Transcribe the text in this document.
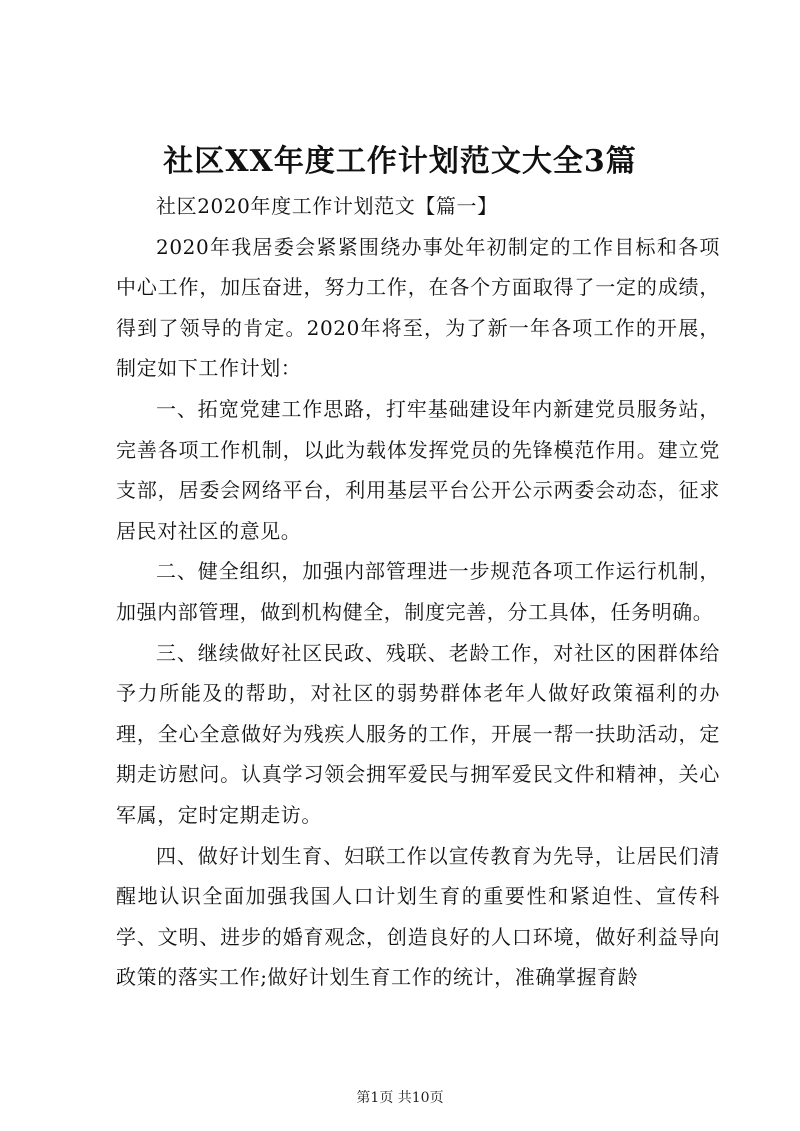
社区XX年度工作计划范文大全3篇

社区2020年度工作计划范文【篇一】

2020年我居委会紧紧围绕办事处年初制定的工作目标和各项中心工作，加压奋进，努力工作，在各个方面取得了一定的成绩，得到了领导的肯定。2020年将至，为了新一年各项工作的开展，制定如下工作计划：

一、拓宽党建工作思路，打牢基础建设年内新建党员服务站，完善各项工作机制，以此为载体发挥党员的先锋模范作用。建立党支部，居委会网络平台，利用基层平台公开公示两委会动态，征求居民对社区的意见。

二、健全组织，加强内部管理进一步规范各项工作运行机制，加强内部管理，做到机构健全，制度完善，分工具体，任务明确。

三、继续做好社区民政、残联、老龄工作，对社区的困群体给予力所能及的帮助，对社区的弱势群体老年人做好政策福利的办理，全心全意做好为残疾人服务的工作，开展一帮一扶助活动，定期走访慰问。认真学习领会拥军爱民与拥军爱民文件和精神，关心军属，定时定期走访。

四、做好计划生育、妇联工作以宣传教育为先导，让居民们清醒地认识全面加强我国人口计划生育的重要性和紧迫性、宣传科学、文明、进步的婚育观念，创造良好的人口环境，做好利益导向政策的落实工作;做好计划生育工作的统计，准确掌握育龄

第1页 共10页
